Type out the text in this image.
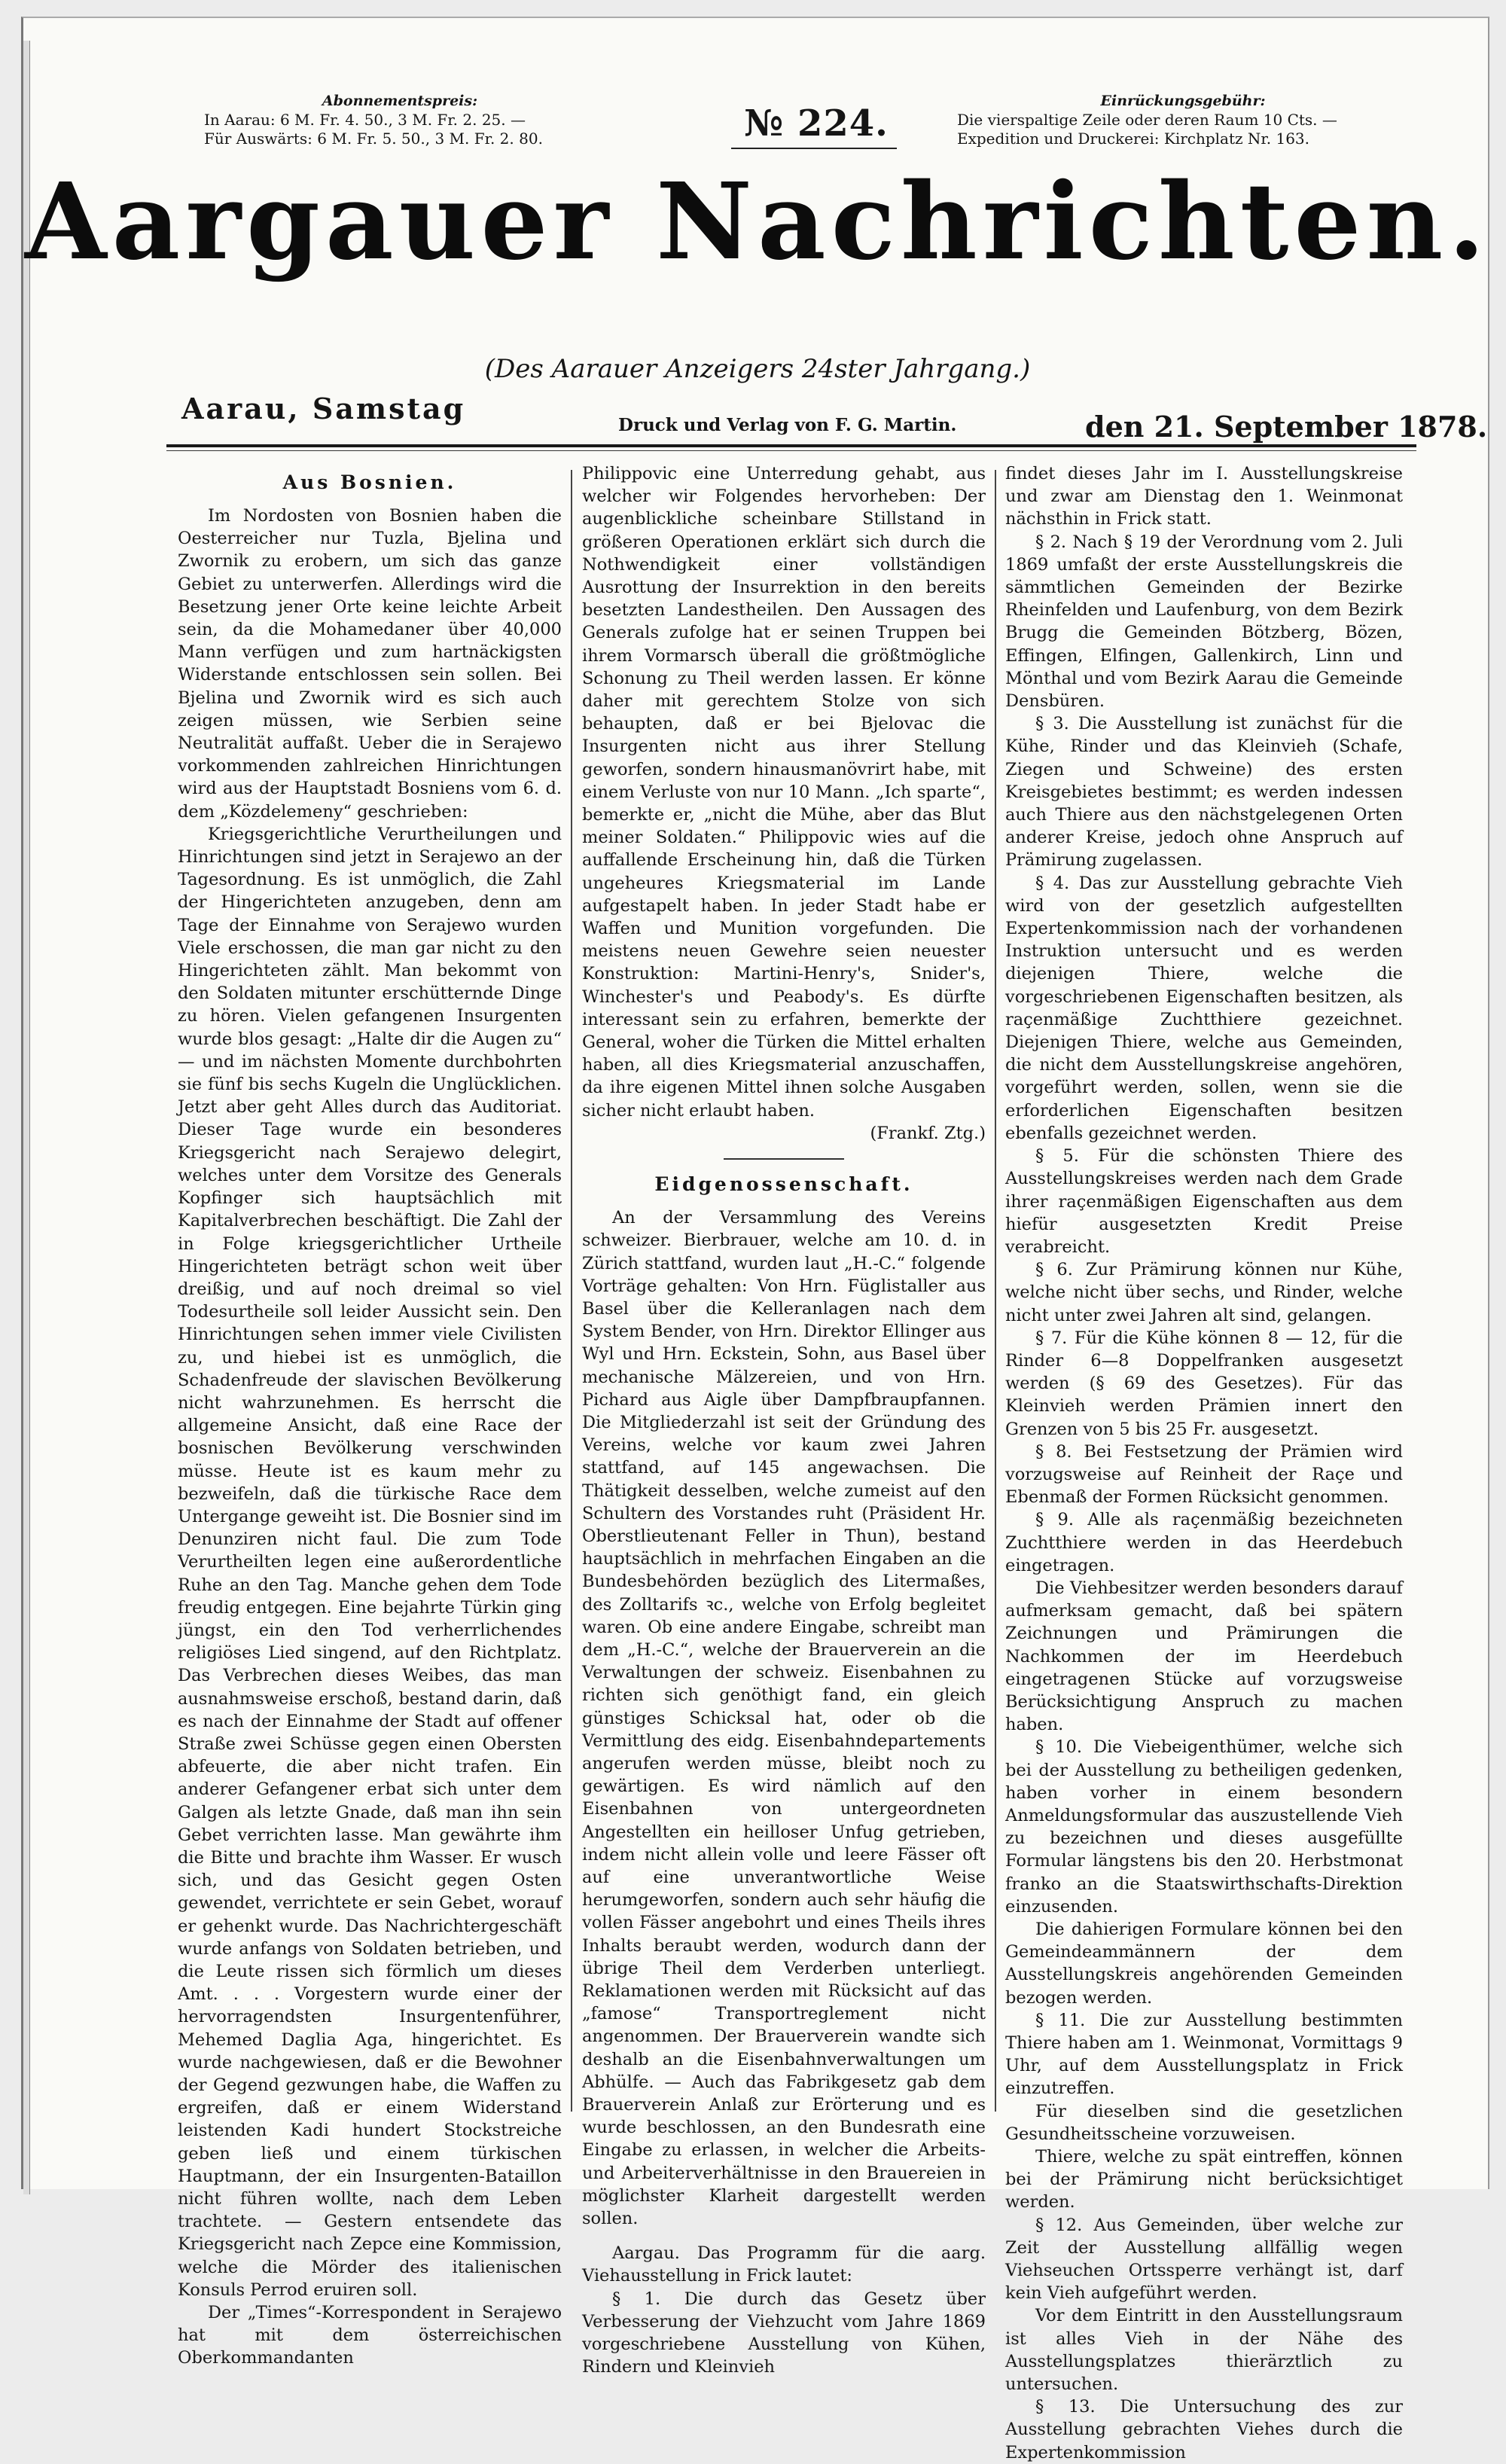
Abonnementspreis:
In Aarau: 6 M. Fr. 4. 50., 3 M. Fr. 2. 25. —
Für Auswärts: 6 M. Fr. 5. 50., 3 M. Fr. 2. 80.	№ 224.
Einrückungsgebühr:
Die vierspaltige Zeile oder deren Raum 10 Cts. —
Expedition und Druckerei: Kirchplatz Nr. 163.
Aargauer Nachrichten.
(Des Aarauer Anzeigers 24ster Jahrgang.)
Aarau, Samstag	Druck und Verlag von F. G. Martin.	den 21. September 1878.
Aus Bosnien.

Im Nordosten von Bosnien haben die Oesterreicher nur Tuzla, Bjelina und Zwornik zu erobern, um sich das ganze Gebiet zu unterwerfen. Allerdings wird die Besetzung jener Orte keine leichte Arbeit sein, da die Mohamedaner über 40,000 Mann verfügen und zum hartnäckigsten Widerstande entschlossen sein sollen. Bei Bjelina und Zwornik wird es sich auch zeigen müssen, wie Serbien seine Neutralität auffaßt. Ueber die in Serajewo vorkommenden zahlreichen Hinrichtungen wird aus der Hauptstadt Bosniens vom 6. d. dem „Közdelemeny“ geschrieben:

Kriegsgerichtliche Verurtheilungen und Hinrichtungen sind jetzt in Serajewo an der Tagesordnung. Es ist unmöglich, die Zahl der Hingerichteten anzugeben, denn am Tage der Einnahme von Serajewo wurden Viele erschossen, die man gar nicht zu den Hingerichteten zählt. Man bekommt von den Soldaten mitunter erschütternde Dinge zu hören. Vielen gefangenen Insurgenten wurde blos gesagt: „Halte dir die Augen zu“ — und im nächsten Momente durchbohrten sie fünf bis sechs Kugeln die Unglücklichen. Jetzt aber geht Alles durch das Auditoriat. Dieser Tage wurde ein besonderes Kriegsgericht nach Serajewo delegirt, welches unter dem Vorsitze des Generals Kopfinger sich hauptsächlich mit Kapitalverbrechen beschäftigt. Die Zahl der in Folge kriegsgerichtlicher Urtheile Hingerichteten beträgt schon weit über dreißig, und auf noch dreimal so viel Todesurtheile soll leider Aussicht sein. Den Hinrichtungen sehen immer viele Civilisten zu, und hiebei ist es unmöglich, die Schadenfreude der slavischen Bevölkerung nicht wahrzunehmen. Es herrscht die allgemeine Ansicht, daß eine Race der bosnischen Bevölkerung verschwinden müsse. Heute ist es kaum mehr zu bezweifeln, daß die türkische Race dem Untergange geweiht ist. Die Bosnier sind im Denunziren nicht faul. Die zum Tode Verurtheilten legen eine außerordentliche Ruhe an den Tag. Manche gehen dem Tode freudig entgegen. Eine bejahrte Türkin ging jüngst, ein den Tod verherrlichendes religiöses Lied singend, auf den Richtplatz. Das Verbrechen dieses Weibes, das man ausnahmsweise erschoß, bestand darin, daß es nach der Einnahme der Stadt auf offener Straße zwei Schüsse gegen einen Obersten abfeuerte, die aber nicht trafen. Ein anderer Gefangener erbat sich unter dem Galgen als letzte Gnade, daß man ihn sein Gebet verrichten lasse. Man gewährte ihm die Bitte und brachte ihm Wasser. Er wusch sich, und das Gesicht gegen Osten gewendet, verrichtete er sein Gebet, worauf er gehenkt wurde. Das Nachrichtergeschäft wurde anfangs von Soldaten betrieben, und die Leute rissen sich förmlich um dieses Amt. . . . Vorgestern wurde einer der hervorragendsten Insurgentenführer, Mehemed Daglia Aga, hingerichtet. Es wurde nachgewiesen, daß er die Bewohner der Gegend gezwungen habe, die Waffen zu ergreifen, daß er einem Widerstand leistenden Kadi hundert Stockstreiche geben ließ und einem türkischen Hauptmann, der ein Insurgenten-Bataillon nicht führen wollte, nach dem Leben trachtete. — Gestern entsendete das Kriegsgericht nach Zepce eine Kommission, welche die Mörder des italienischen Konsuls Perrod eruiren soll.

Der „Times“-Korrespondent in Serajewo hat mit dem österreichischen Oberkommandanten

Philippovic eine Unterredung gehabt, aus welcher wir Folgendes hervorheben: Der augenblickliche scheinbare Stillstand in größeren Operationen erklärt sich durch die Nothwendigkeit einer vollständigen Ausrottung der Insurrektion in den bereits besetzten Landestheilen. Den Aussagen des Generals zufolge hat er seinen Truppen bei ihrem Vormarsch überall die größtmögliche Schonung zu Theil werden lassen. Er könne daher mit gerechtem Stolze von sich behaupten, daß er bei Bjelovac die Insurgenten nicht aus ihrer Stellung geworfen, sondern hinausmanövrirt habe, mit einem Verluste von nur 10 Mann. „Ich sparte“, bemerkte er, „nicht die Mühe, aber das Blut meiner Soldaten.“ Philippovic wies auf die auffallende Erscheinung hin, daß die Türken ungeheures Kriegsmaterial im Lande aufgestapelt haben. In jeder Stadt habe er Waffen und Munition vorgefunden. Die meistens neuen Gewehre seien neuester Konstruktion: Martini-Henry's, Snider's, Winchester's und Peabody's. Es dürfte interessant sein zu erfahren, bemerkte der General, woher die Türken die Mittel erhalten haben, all dies Kriegsmaterial anzuschaffen, da ihre eigenen Mittel ihnen solche Ausgaben sicher nicht erlaubt haben.

(Frankf. Ztg.)
Eidgenossenschaft.

An der Versammlung des Vereins schweizer. Bierbrauer, welche am 10. d. in Zürich stattfand, wurden laut „H.-C.“ folgende Vorträge gehalten: Von Hrn. Füglistaller aus Basel über die Kelleranlagen nach dem System Bender, von Hrn. Direktor Ellinger aus Wyl und Hrn. Eckstein, Sohn, aus Basel über mechanische Mälzereien, und von Hrn. Pichard aus Aigle über Dampfbraupfannen. Die Mitgliederzahl ist seit der Gründung des Vereins, welche vor kaum zwei Jahren stattfand, auf 145 angewachsen. Die Thätigkeit desselben, welche zumeist auf den Schultern des Vorstandes ruht (Präsident Hr. Oberstlieutenant Feller in Thun), bestand hauptsächlich in mehrfachen Eingaben an die Bundesbehörden bezüglich des Litermaßes, des Zolltarifs ꝛc., welche von Erfolg begleitet waren. Ob eine andere Eingabe, schreibt man dem „H.-C.“, welche der Brauerverein an die Verwaltungen der schweiz. Eisenbahnen zu richten sich genöthigt fand, ein gleich günstiges Schicksal hat, oder ob die Vermittlung des eidg. Eisenbahndepartements angerufen werden müsse, bleibt noch zu gewärtigen. Es wird nämlich auf den Eisenbahnen von untergeordneten Angestellten ein heilloser Unfug getrieben, indem nicht allein volle und leere Fässer oft auf eine unverantwortliche Weise herumgeworfen, sondern auch sehr häufig die vollen Fässer angebohrt und eines Theils ihres Inhalts beraubt werden, wodurch dann der übrige Theil dem Verderben unterliegt. Reklamationen werden mit Rücksicht auf das „famose“ Transportreglement nicht angenommen. Der Brauerverein wandte sich deshalb an die Eisenbahnverwaltungen um Abhülfe. — Auch das Fabrikgesetz gab dem Brauerverein Anlaß zur Erörterung und es wurde beschlossen, an den Bundesrath eine Eingabe zu erlassen, in welcher die Arbeits- und Arbeiterverhältnisse in den Brauereien in möglichster Klarheit dargestellt werden sollen.

Aargau. Das Programm für die aarg. Viehausstellung in Frick lautet:

§ 1. Die durch das Gesetz über Verbesserung der Viehzucht vom Jahre 1869 vorgeschriebene Ausstellung von Kühen, Rindern und Kleinvieh

findet dieses Jahr im I. Ausstellungskreise und zwar am Dienstag den 1. Weinmonat nächsthin in Frick statt.

§ 2. Nach § 19 der Verordnung vom 2. Juli 1869 umfaßt der erste Ausstellungskreis die sämmtlichen Gemeinden der Bezirke Rheinfelden und Laufenburg, von dem Bezirk Brugg die Gemeinden Bötzberg, Bözen, Effingen, Elfingen, Gallenkirch, Linn und Mönthal und vom Bezirk Aarau die Gemeinde Densbüren.

§ 3. Die Ausstellung ist zunächst für die Kühe, Rinder und das Kleinvieh (Schafe, Ziegen und Schweine) des ersten Kreisgebietes bestimmt; es werden indessen auch Thiere aus den nächstgelegenen Orten anderer Kreise, jedoch ohne Anspruch auf Prämirung zugelassen.

§ 4. Das zur Ausstellung gebrachte Vieh wird von der gesetzlich aufgestellten Expertenkommission nach der vorhandenen Instruktion untersucht und es werden diejenigen Thiere, welche die vorgeschriebenen Eigenschaften besitzen, als raçenmäßige Zuchtthiere gezeichnet. Diejenigen Thiere, welche aus Gemeinden, die nicht dem Ausstellungskreise angehören, vorgeführt werden, sollen, wenn sie die erforderlichen Eigenschaften besitzen ebenfalls gezeichnet werden.

§ 5. Für die schönsten Thiere des Ausstellungskreises werden nach dem Grade ihrer raçenmäßigen Eigenschaften aus dem hiefür ausgesetzten Kredit Preise verabreicht.

§ 6. Zur Prämirung können nur Kühe, welche nicht über sechs, und Rinder, welche nicht unter zwei Jahren alt sind, gelangen.

§ 7. Für die Kühe können 8 — 12, für die Rinder 6—8 Doppelfranken ausgesetzt werden (§ 69 des Gesetzes). Für das Kleinvieh werden Prämien innert den Grenzen von 5 bis 25 Fr. ausgesetzt.

§ 8. Bei Festsetzung der Prämien wird vorzugsweise auf Reinheit der Raçe und Ebenmaß der Formen Rücksicht genommen.

§ 9. Alle als raçenmäßig bezeichneten Zuchtthiere werden in das Heerdebuch eingetragen.

Die Viehbesitzer werden besonders darauf aufmerksam gemacht, daß bei spätern Zeichnungen und Prämirungen die Nachkommen der im Heerdebuch eingetragenen Stücke auf vorzugsweise Berücksichtigung Anspruch zu machen haben.

§ 10. Die Viebeigenthümer, welche sich bei der Ausstellung zu betheiligen gedenken, haben vorher in einem besondern Anmeldungsformular das auszustellende Vieh zu bezeichnen und dieses ausgefüllte Formular längstens bis den 20. Herbstmonat franko an die Staatswirthschafts-Direktion einzusenden.

Die dahierigen Formulare können bei den Gemeindeammännern der dem Ausstellungskreis angehörenden Gemeinden bezogen werden.

§ 11. Die zur Ausstellung bestimmten Thiere haben am 1. Weinmonat, Vormittags 9 Uhr, auf dem Ausstellungsplatz in Frick einzutreffen.

Für dieselben sind die gesetzlichen Gesundheitsscheine vorzuweisen.

Thiere, welche zu spät eintreffen, können bei der Prämirung nicht berücksichtiget werden.

§ 12. Aus Gemeinden, über welche zur Zeit der Ausstellung allfällig wegen Viehseuchen Ortssperre verhängt ist, darf kein Vieh aufgeführt werden.

Vor dem Eintritt in den Ausstellungsraum ist alles Vieh in der Nähe des Ausstellungsplatzes thierärztlich zu untersuchen.

§ 13. Die Untersuchung des zur Ausstellung gebrachten Viehes durch die Expertenkommission
